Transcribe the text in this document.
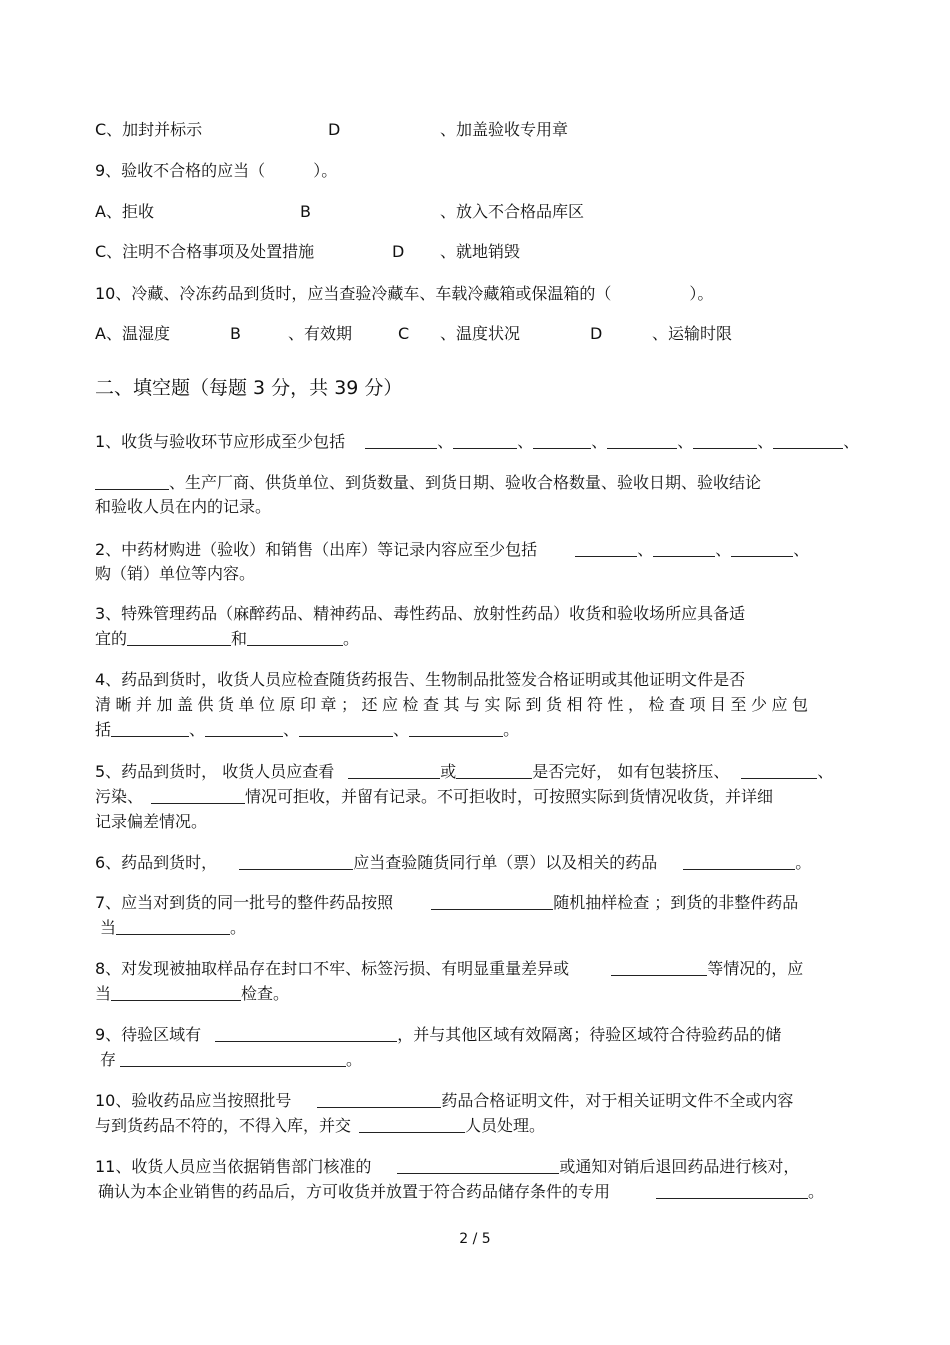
C、加封并标示	D	、加盖验收专用章
9、验收不合格的应当（	）。
A、拒收	B	、放入不合格品库区
C、注明不合格事项及处置措施	D 、就地销毁
10、冷藏、冷冻药品到货时，应当查验冷藏车、车载冷藏箱或保温箱的（	）。
A、温湿度	B	、有效期	C 、温度状况	D	、运输时限
二、填空题（每题 3 分，共 39 分）
1、收货与验收环节应形成至少包括	、	、	、	、	、	、
、生产厂商、供货单位、到货数量、到货日期、验收合格数量、验收日期、验收结论
和验收人员在内的记录。
2、中药材购进（验收）和销售（出库）等记录内容应至少包括	、	、	、
购（销）单位等内容。
3、特殊管理药品（麻醉药品、精神药品、毒性药品、放射性药品）收货和验收场所应具备适
宜的	和	。
4、药品到货时，收货人员应检查随货药报告、生物制品批签发合格证明或其他证明文件是否
清晰并加盖供货单位原印章；还应检查其与实际到货相符性，检查项目至少应包
括	、	、	、	。
5、药品到货时， 收货人员应查看	或	是否完好， 如有包装挤压、	、
污染、	情况可拒收，并留有记录。不可拒收时，可按照实际到货情况收货，并详细
记录偏差情况。
6、药品到货时，	应当查验随货同行单（票）以及相关的药品	。
7、应当对到货的同一批号的整件药品按照	随机抽样检查 ；到货的非整件药品
当	。
8、对发现被抽取样品存在封口不牢、标签污损、有明显重量差异或	等情况的，应
当	检查。
9、待验区域有	，并与其他区域有效隔离；待验区域符合待验药品的储
存	。
10、验收药品应当按照批号	药品合格证明文件，对于相关证明文件不全或内容
与到货药品不符的，不得入库，并交	人员处理。
11、收货人员应当依据销售部门核准的	或通知对销后退回药品进行核对，
确认为本企业销售的药品后，方可收货并放置于符合药品储存条件的专用	。
2 / 5
